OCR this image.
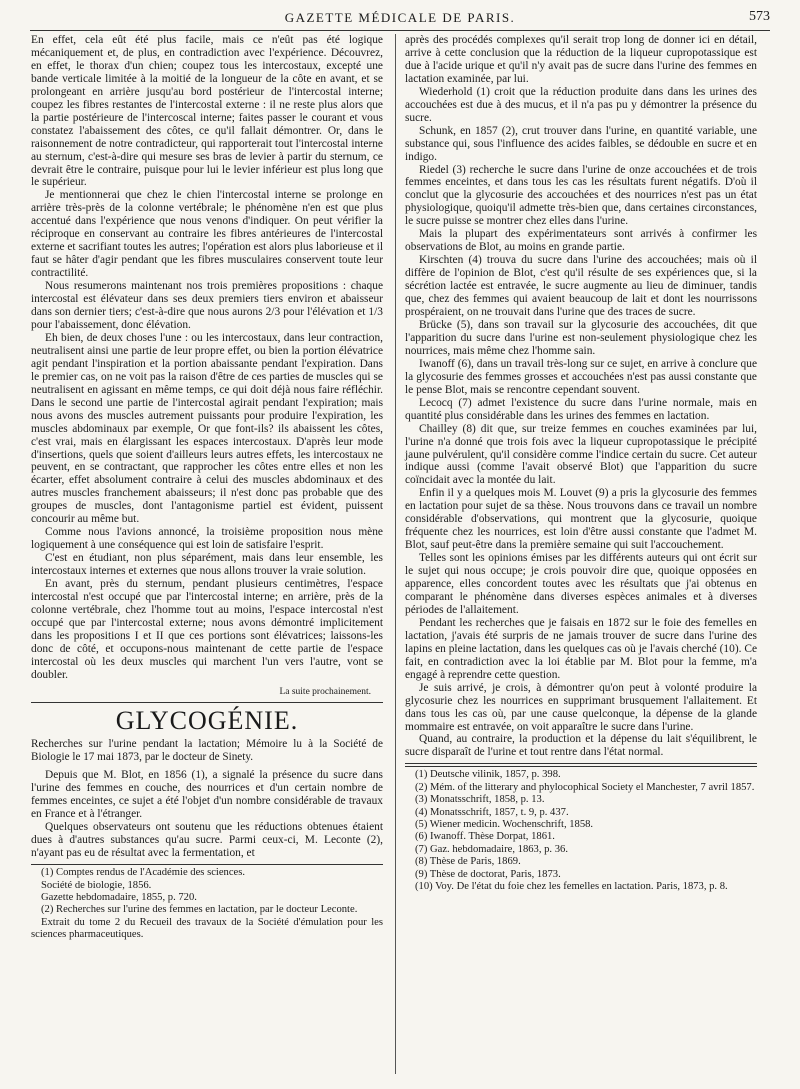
GAZETTE MÉDICALE DE PARIS.	573

En effet, cela eût été plus facile, mais ce n'eût pas été logique mécaniquement et, de plus, en contradiction avec l'expérience. Découvrez, en effet, le thorax d'un chien; coupez tous les intercostaux, excepté une bande verticale limitée à la moitié de la longueur de la côte en avant, et se prolongeant en arrière jusqu'au bord postérieur de l'intercostal interne; coupez les fibres restantes de l'intercostal externe : il ne reste plus alors que la partie postérieure de l'intercoscal interne; faites passer le courant et vous constatez l'abaissement des côtes, ce qu'il fallait démontrer. Or, dans le raisonnement de notre contradicteur, qui rapporterait tout l'intercostal interne au sternum, c'est-à-dire qui mesure ses bras de levier à partir du sternum, ce devrait être le contraire, puisque pour lui le levier inférieur est plus long que le supérieur.

Je mentionnerai que chez le chien l'intercostal interne se prolonge en arrière très-près de la colonne vertébrale; le phénomène n'en est que plus accentué dans l'expérience que nous venons d'indiquer. On peut vérifier la réciproque en conservant au contraire les fibres antérieures de l'intercostal externe et sacrifiant toutes les autres; l'opération est alors plus laborieuse et il faut se hâter d'agir pendant que les fibres musculaires conservent toute leur contractilité.

Nous resumerons maintenant nos trois premières propositions : chaque intercostal est élévateur dans ses deux premiers tiers environ et abaisseur dans son dernier tiers; c'est-à-dire que nous aurons 2/3 pour l'élévation et 1/3 pour l'abaissement, donc élévation.

Eh bien, de deux choses l'une : ou les intercostaux, dans leur contraction, neutralisent ainsi une partie de leur propre effet, ou bien la portion élévatrice agit pendant l'inspiration et la portion abaissante pendant l'expiration. Dans le premier cas, on ne voit pas la raison d'être de ces parties de muscles qui se neutralisent en agissant en même temps, ce qui doit déjà nous faire réfléchir. Dans le second une partie de l'intercostal agirait pendant l'expiration; mais nous avons des muscles autrement puissants pour produire l'expiration, les muscles abdominaux par exemple, Or que font-ils? ils abaissent les côtes, c'est vrai, mais en élargissant les espaces intercostaux. D'après leur mode d'insertions, quels que soient d'ailleurs leurs autres effets, les intercostaux ne peuvent, en se contractant, que rapprocher les côtes entre elles et non les écarter, effet absolument contraire à celui des muscles abdominaux et des autres muscles franchement abaisseurs; il n'est donc pas probable que des groupes de muscles, dont l'antagonisme partiel est évident, puissent concourir au même but.

Comme nous l'avions annoncé, la troisième proposition nous mène logiquement à une conséquence qui est loin de satisfaire l'esprit.

C'est en étudiant, non plus séparément, mais dans leur ensemble, les intercostaux internes et externes que nous allons trouver la vraie solution.

En avant, près du sternum, pendant plusieurs centimètres, l'espace intercostal n'est occupé que par l'intercostal interne; en arrière, près de la colonne vertébrale, chez l'homme tout au moins, l'espace intercostal n'est occupé que par l'intercostal externe; nous avons démontré implicitement dans les propositions I et II que ces portions sont élévatrices; laissons-les donc de côté, et occupons-nous maintenant de cette partie de l'espace intercostal où les deux muscles qui marchent l'un vers l'autre, vont se doubler.

La suite prochainement.

GLYCOGÉNIE.

Recherches sur l'urine pendant la lactation; Mémoire lu à la Société de Biologie le 17 mai 1873, par le docteur de Sinety.

Depuis que M. Blot, en 1856 (1), a signalé la présence du sucre dans l'urine des femmes en couche, des nourrices et d'un certain nombre de femmes enceintes, ce sujet a été l'objet d'un nombre considérable de travaux en France et à l'étranger.

Quelques observateurs ont soutenu que les réductions obtenues étaient dues à d'autres substances qu'au sucre. Parmi ceux-ci, M. Leconte (2), n'ayant pas eu de résultat avec la fermentation, et

(1) Comptes rendus de l'Académie des sciences.

Société de biologie, 1856.

Gazette hebdomadaire, 1855, p. 720.

(2) Recherches sur l'urine des femmes en lactation, par le docteur Leconte.

Extrait du tome 2 du Recueil des travaux de la Société d'émulation pour les sciences pharmaceutiques.

après des procédés complexes qu'il serait trop long de donner ici en détail, arrive à cette conclusion que la réduction de la liqueur cupropotassique est due à l'acide urique et qu'il n'y avait pas de sucre dans l'urine des femmes en lactation examinée, par lui.

Wiederhold (1) croit que la réduction produite dans dans les urines des accouchées est due à des mucus, et il n'a pas pu y démontrer la présence du sucre.

Schunk, en 1857 (2), crut trouver dans l'urine, en quantité variable, une substance qui, sous l'influence des acides faibles, se dédouble en sucre et en indigo.

Riedel (3) recherche le sucre dans l'urine de onze accouchées et de trois femmes enceintes, et dans tous les cas les résultats furent négatifs. D'où il conclut que la glycosurie des accouchées et des nourrices n'est pas un état physiologique, quoiqu'il admette très-bien que, dans certaines circonstances, le sucre puisse se montrer chez elles dans l'urine.

Mais la plupart des expérimentateurs sont arrivés à confirmer les observations de Blot, au moins en grande partie.

Kirschten (4) trouva du sucre dans l'urine des accouchées; mais où il diffère de l'opinion de Blot, c'est qu'il résulte de ses expériences que, si la sécrétion lactée est entravée, le sucre augmente au lieu de diminuer, tandis que, chez des femmes qui avaient beaucoup de lait et dont les nourrissons prospéraient, on ne trouvait dans l'urine que des traces de sucre.

Brücke (5), dans son travail sur la glycosurie des accouchées, dit que l'apparition du sucre dans l'urine est non-seulement physiologique chez les nourrices, mais même chez l'homme sain.

Iwanoff (6), dans un travail très-long sur ce sujet, en arrive à conclure que la glycosurie des femmes grosses et accouchées n'est pas aussi constante que le pense Blot, mais se rencontre cependant souvent.

Lecocq (7) admet l'existence du sucre dans l'urine normale, mais en quantité plus considérable dans les urines des femmes en lactation.

Chailley (8) dit que, sur treize femmes en couches examinées par lui, l'urine n'a donné que trois fois avec la liqueur cupropotassique le précipité jaune pulvérulent, qu'il considère comme l'indice certain du sucre. Cet auteur indique aussi (comme l'avait observé Blot) que l'apparition du sucre coïncidait avec la montée du lait.

Enfin il y a quelques mois M. Louvet (9) a pris la glycosurie des femmes en lactation pour sujet de sa thèse. Nous trouvons dans ce travail un nombre considérable d'observations, qui montrent que la glycosurie, quoique fréquente chez les nourrices, est loin d'être aussi constante que l'admet M. Blot, sauf peut-être dans la première semaine qui suit l'accouchement.

Telles sont les opinions émises par les différents auteurs qui ont écrit sur le sujet qui nous occupe; je crois pouvoir dire que, quoique opposées en apparence, elles concordent toutes avec les résultats que j'ai obtenus en comparant le phénomène dans diverses espèces animales et à diverses périodes de l'allaitement.

Pendant les recherches que je faisais en 1872 sur le foie des femelles en lactation, j'avais été surpris de ne jamais trouver de sucre dans l'urine des lapins en pleine lactation, dans les quelques cas où je l'avais cherché (10). Ce fait, en contradiction avec la loi établie par M. Blot pour la femme, m'a engagé à reprendre cette question.

Je suis arrivé, je crois, à démontrer qu'on peut à volonté produire la glycosurie chez les nourrices en supprimant brusquement l'allaitement. Et dans tous les cas où, par une cause quelconque, la dépense de la glande mommaire est entravée, on voit apparaître le sucre dans l'urine.

Quand, au contraire, la production et la dépense du lait s'équilibrent, le sucre disparaît de l'urine et tout rentre dans l'état normal.

(1) Deutsche vilinik, 1857, p. 398.

(2) Mém. of the litterary and phylocophical Society el Manchester, 7 avril 1857.

(3) Monatsschrift, 1858, p. 13.

(4) Monatsschrift, 1857, t. 9, p. 437.

(5) Wiener medicin. Wochenschrift, 1858.

(6) Iwanoff. Thèse Dorpat, 1861.

(7) Gaz. hebdomadaire, 1863, p. 36.

(8) Thèse de Paris, 1869.

(9) Thèse de doctorat, Paris, 1873.

(10) Voy. De l'état du foie chez les femelles en lactation. Paris, 1873, p. 8.
